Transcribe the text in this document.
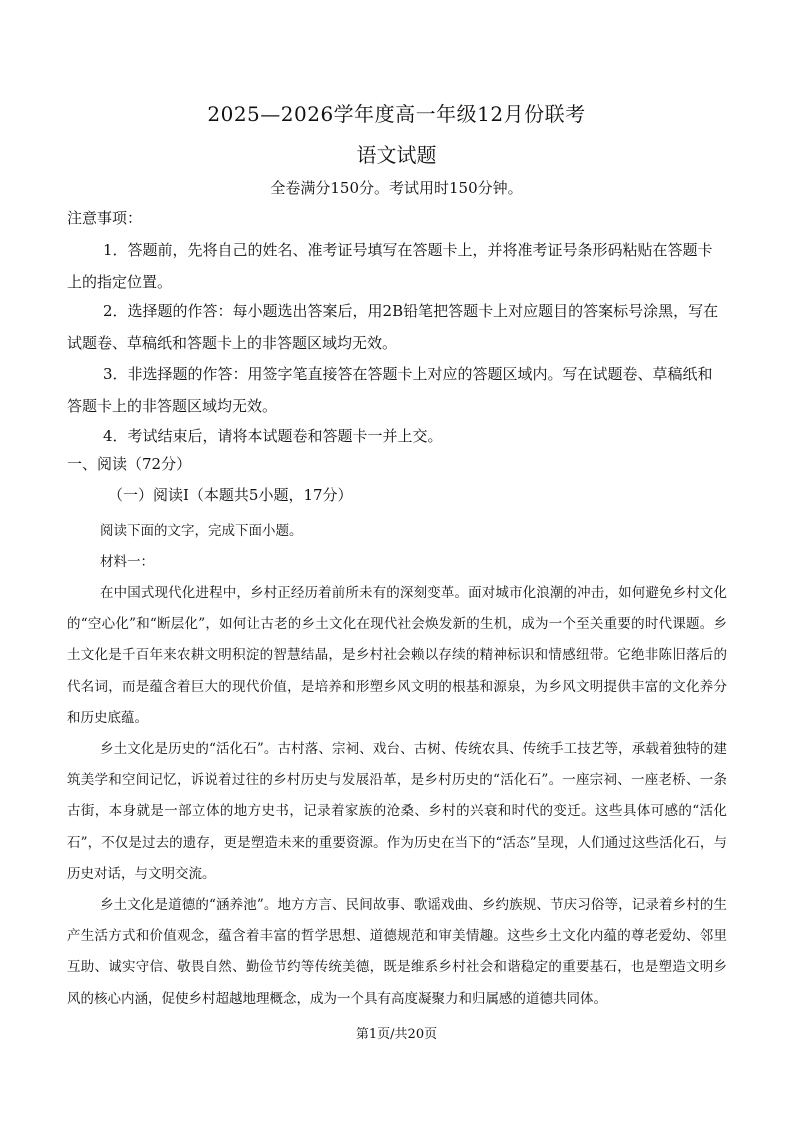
2025—2026学年度高一年级12月份联考
语文试题
全卷满分150分。考试用时150分钟。
注意事项：
1．答题前，先将自己的姓名、准考证号填写在答题卡上，并将准考证号条形码粘贴在答题卡上的指定位置。
2．选择题的作答：每小题选出答案后，用2B铅笔把答题卡上对应题目的答案标号涂黑，写在试题卷、草稿纸和答题卡上的非答题区域均无效。
3．非选择题的作答：用签字笔直接答在答题卡上对应的答题区域内。写在试题卷、草稿纸和答题卡上的非答题区域均无效。
4．考试结束后，请将本试题卷和答题卡一并上交。
一、阅读（72分）
（一）阅读Ⅰ（本题共5小题，17分）
阅读下面的文字，完成下面小题。
材料一：
在中国式现代化进程中，乡村正经历着前所未有的深刻变革。面对城市化浪潮的冲击，如何避免乡村文化的“空心化”和“断层化”，如何让古老的乡土文化在现代社会焕发新的生机，成为一个至关重要的时代课题。乡土文化是千百年来农耕文明积淀的智慧结晶，是乡村社会赖以存续的精神标识和情感纽带。它绝非陈旧落后的代名词，而是蕴含着巨大的现代价值，是培养和形塑乡风文明的根基和源泉，为乡风文明提供丰富的文化养分和历史底蕴。
乡土文化是历史的“活化石”。古村落、宗祠、戏台、古树、传统农具、传统手工技艺等，承载着独特的建筑美学和空间记忆，诉说着过往的乡村历史与发展沿革，是乡村历史的“活化石”。一座宗祠、一座老桥、一条古街，本身就是一部立体的地方史书，记录着家族的沧桑、乡村的兴衰和时代的变迁。这些具体可感的“活化石”，不仅是过去的遗存，更是塑造未来的重要资源。作为历史在当下的“活态”呈现，人们通过这些活化石，与历史对话，与文明交流。
乡土文化是道德的“涵养池”。地方方言、民间故事、歌谣戏曲、乡约族规、节庆习俗等，记录着乡村的生产生活方式和价值观念，蕴含着丰富的哲学思想、道德规范和审美情趣。这些乡土文化内蕴的尊老爱幼、邻里互助、诚实守信、敬畏自然、勤俭节约等传统美德，既是维系乡村社会和谐稳定的重要基石，也是塑造文明乡风的核心内涵，促使乡村超越地理概念，成为一个具有高度凝聚力和归属感的道德共同体。
第1页/共20页
